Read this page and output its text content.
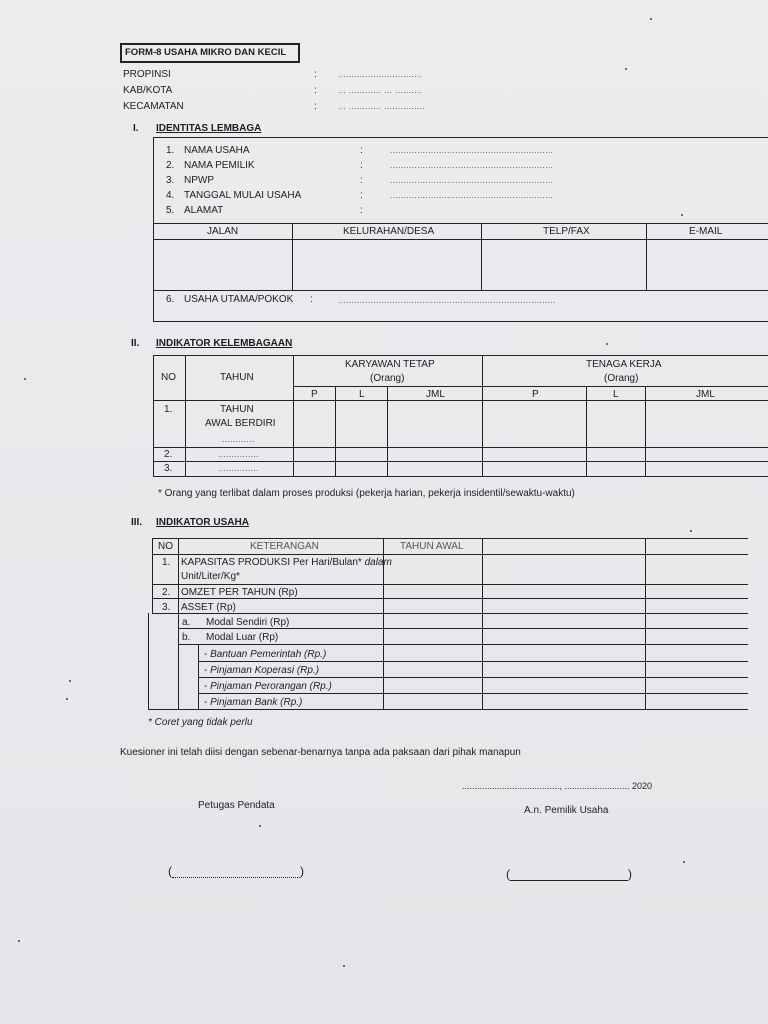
FORM-8 USAHA MIKRO DAN KECIL
PROPINSI	:	...............................
KAB/KOTA	:	... ............ ... ..........
KECAMATAN	:	... ............ ...............
I. IDENTITAS LEMBAGA
1. NAMA USAHA	:	............................................................
2. NAMA PEMILIK	:	............................................................
3. NPWP	:	............................................................
4. TANGGAL MULAI USAHA	:	............................................................
5. ALAMAT	:
JALAN	KELURAHAN/DESA	TELP/FAX	E-MAIL
6. USAHA UTAMA/POKOK :	................................................................................
II. INDIKATOR KELEMBAGAAN
NO	TAHUN
KARYAWAN TETAP
(Orang)
TENAGA KERJA
(Orang)
P	L	JML	P	L	JML
1.	TAHUN
AWAL BERDIRI
............
2.	...............
3.	...............
* Orang yang terlibat dalam proses produksi (pekerja harian, pekerja insidentil/sewaktu-waktu)
III. INDIKATOR USAHA
NO	KETERANGAN	TAHUN AWAL
1. KAPASITAS PRODUKSI Per Hari/Bulan* dalam
Unit/Liter/Kg*
2. OMZET PER TAHUN (Rp)
3. ASSET (Rp)
a. Modal Sendiri (Rp)
b. Modal Luar (Rp)
- Bantuan Pemerintah (Rp.)
- Pinjaman Koperasi (Rp.)
- Pinjaman Perorangan (Rp.)
- Pinjaman Bank (Rp.)
* Coret yang tidak perlu
Kuesioner ini telah diisi dengan sebenar-benarnya tanpa ada paksaan dari pihak manapun
......................................., .......................... 2020
Petugas Pendata	A.n. Pemilik Usaha
(	)	(	)
